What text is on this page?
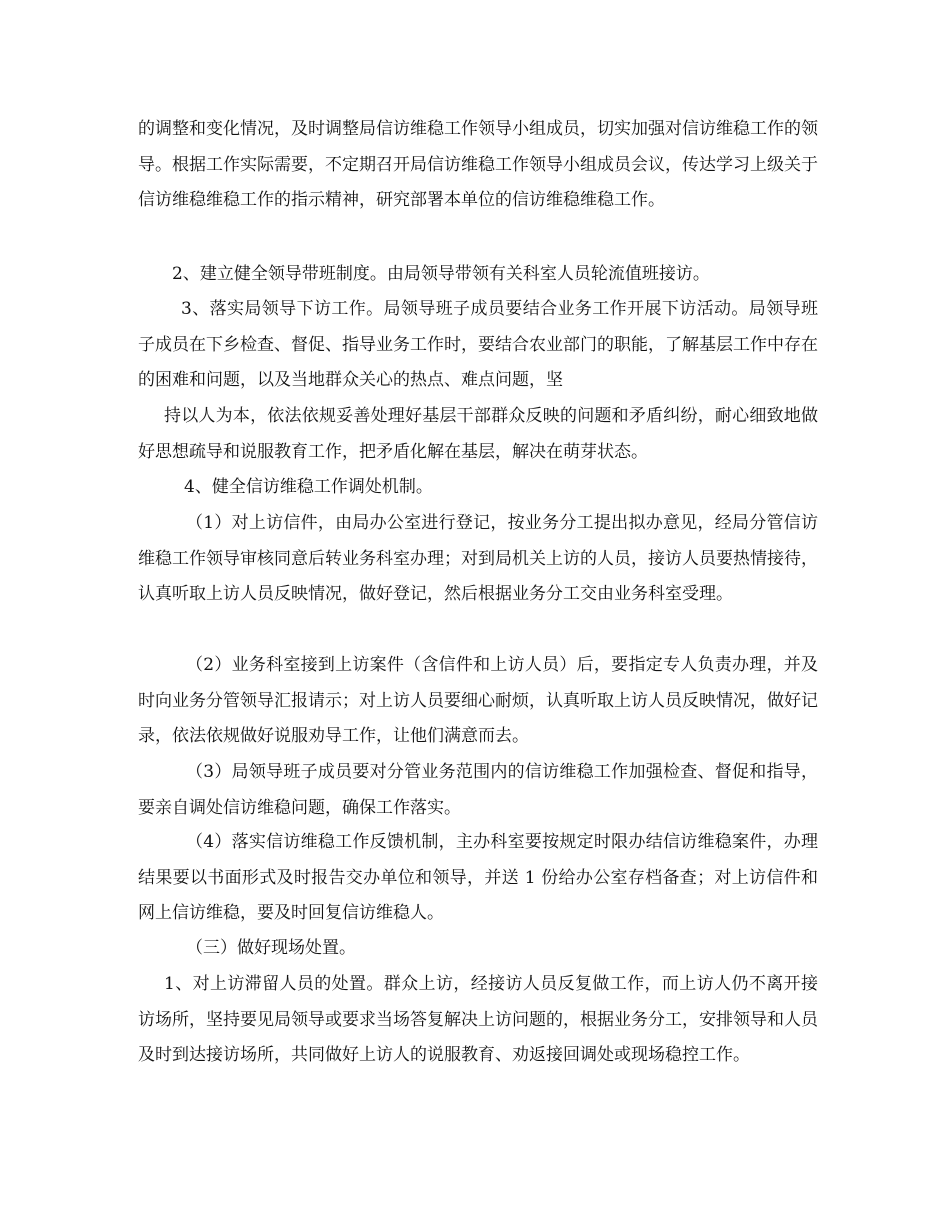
的调整和变化情况，及时调整局信访维稳工作领导小组成员，切实加强对信访维稳工作的领导。根据工作实际需要，不定期召开局信访维稳工作领导小组成员会议，传达学习上级关于信访维稳维稳工作的指示精神，研究部署本单位的信访维稳维稳工作。

2、建立健全领导带班制度。由局领导带领有关科室人员轮流值班接访。

3、落实局领导下访工作。局领导班子成员要结合业务工作开展下访活动。局领导班子成员在下乡检查、督促、指导业务工作时，要结合农业部门的职能，了解基层工作中存在的困难和问题，以及当地群众关心的热点、难点问题，坚

持以人为本，依法依规妥善处理好基层干部群众反映的问题和矛盾纠纷，耐心细致地做好思想疏导和说服教育工作，把矛盾化解在基层，解决在萌芽状态。

4、健全信访维稳工作调处机制。

（1）对上访信件，由局办公室进行登记，按业务分工提出拟办意见，经局分管信访维稳工作领导审核同意后转业务科室办理；对到局机关上访的人员，接访人员要热情接待，认真听取上访人员反映情况，做好登记，然后根据业务分工交由业务科室受理。

（2）业务科室接到上访案件（含信件和上访人员）后，要指定专人负责办理，并及时向业务分管领导汇报请示；对上访人员要细心耐烦，认真听取上访人员反映情况，做好记录，依法依规做好说服劝导工作，让他们满意而去。

（3）局领导班子成员要对分管业务范围内的信访维稳工作加强检查、督促和指导，要亲自调处信访维稳问题，确保工作落实。

（4）落实信访维稳工作反馈机制，主办科室要按规定时限办结信访维稳案件，办理结果要以书面形式及时报告交办单位和领导，并送 1 份给办公室存档备查；对上访信件和网上信访维稳，要及时回复信访维稳人。

（三）做好现场处置。

1、对上访滞留人员的处置。群众上访，经接访人员反复做工作，而上访人仍不离开接访场所，坚持要见局领导或要求当场答复解决上访问题的，根据业务分工，安排领导和人员及时到达接访场所，共同做好上访人的说服教育、劝返接回调处或现场稳控工作。
